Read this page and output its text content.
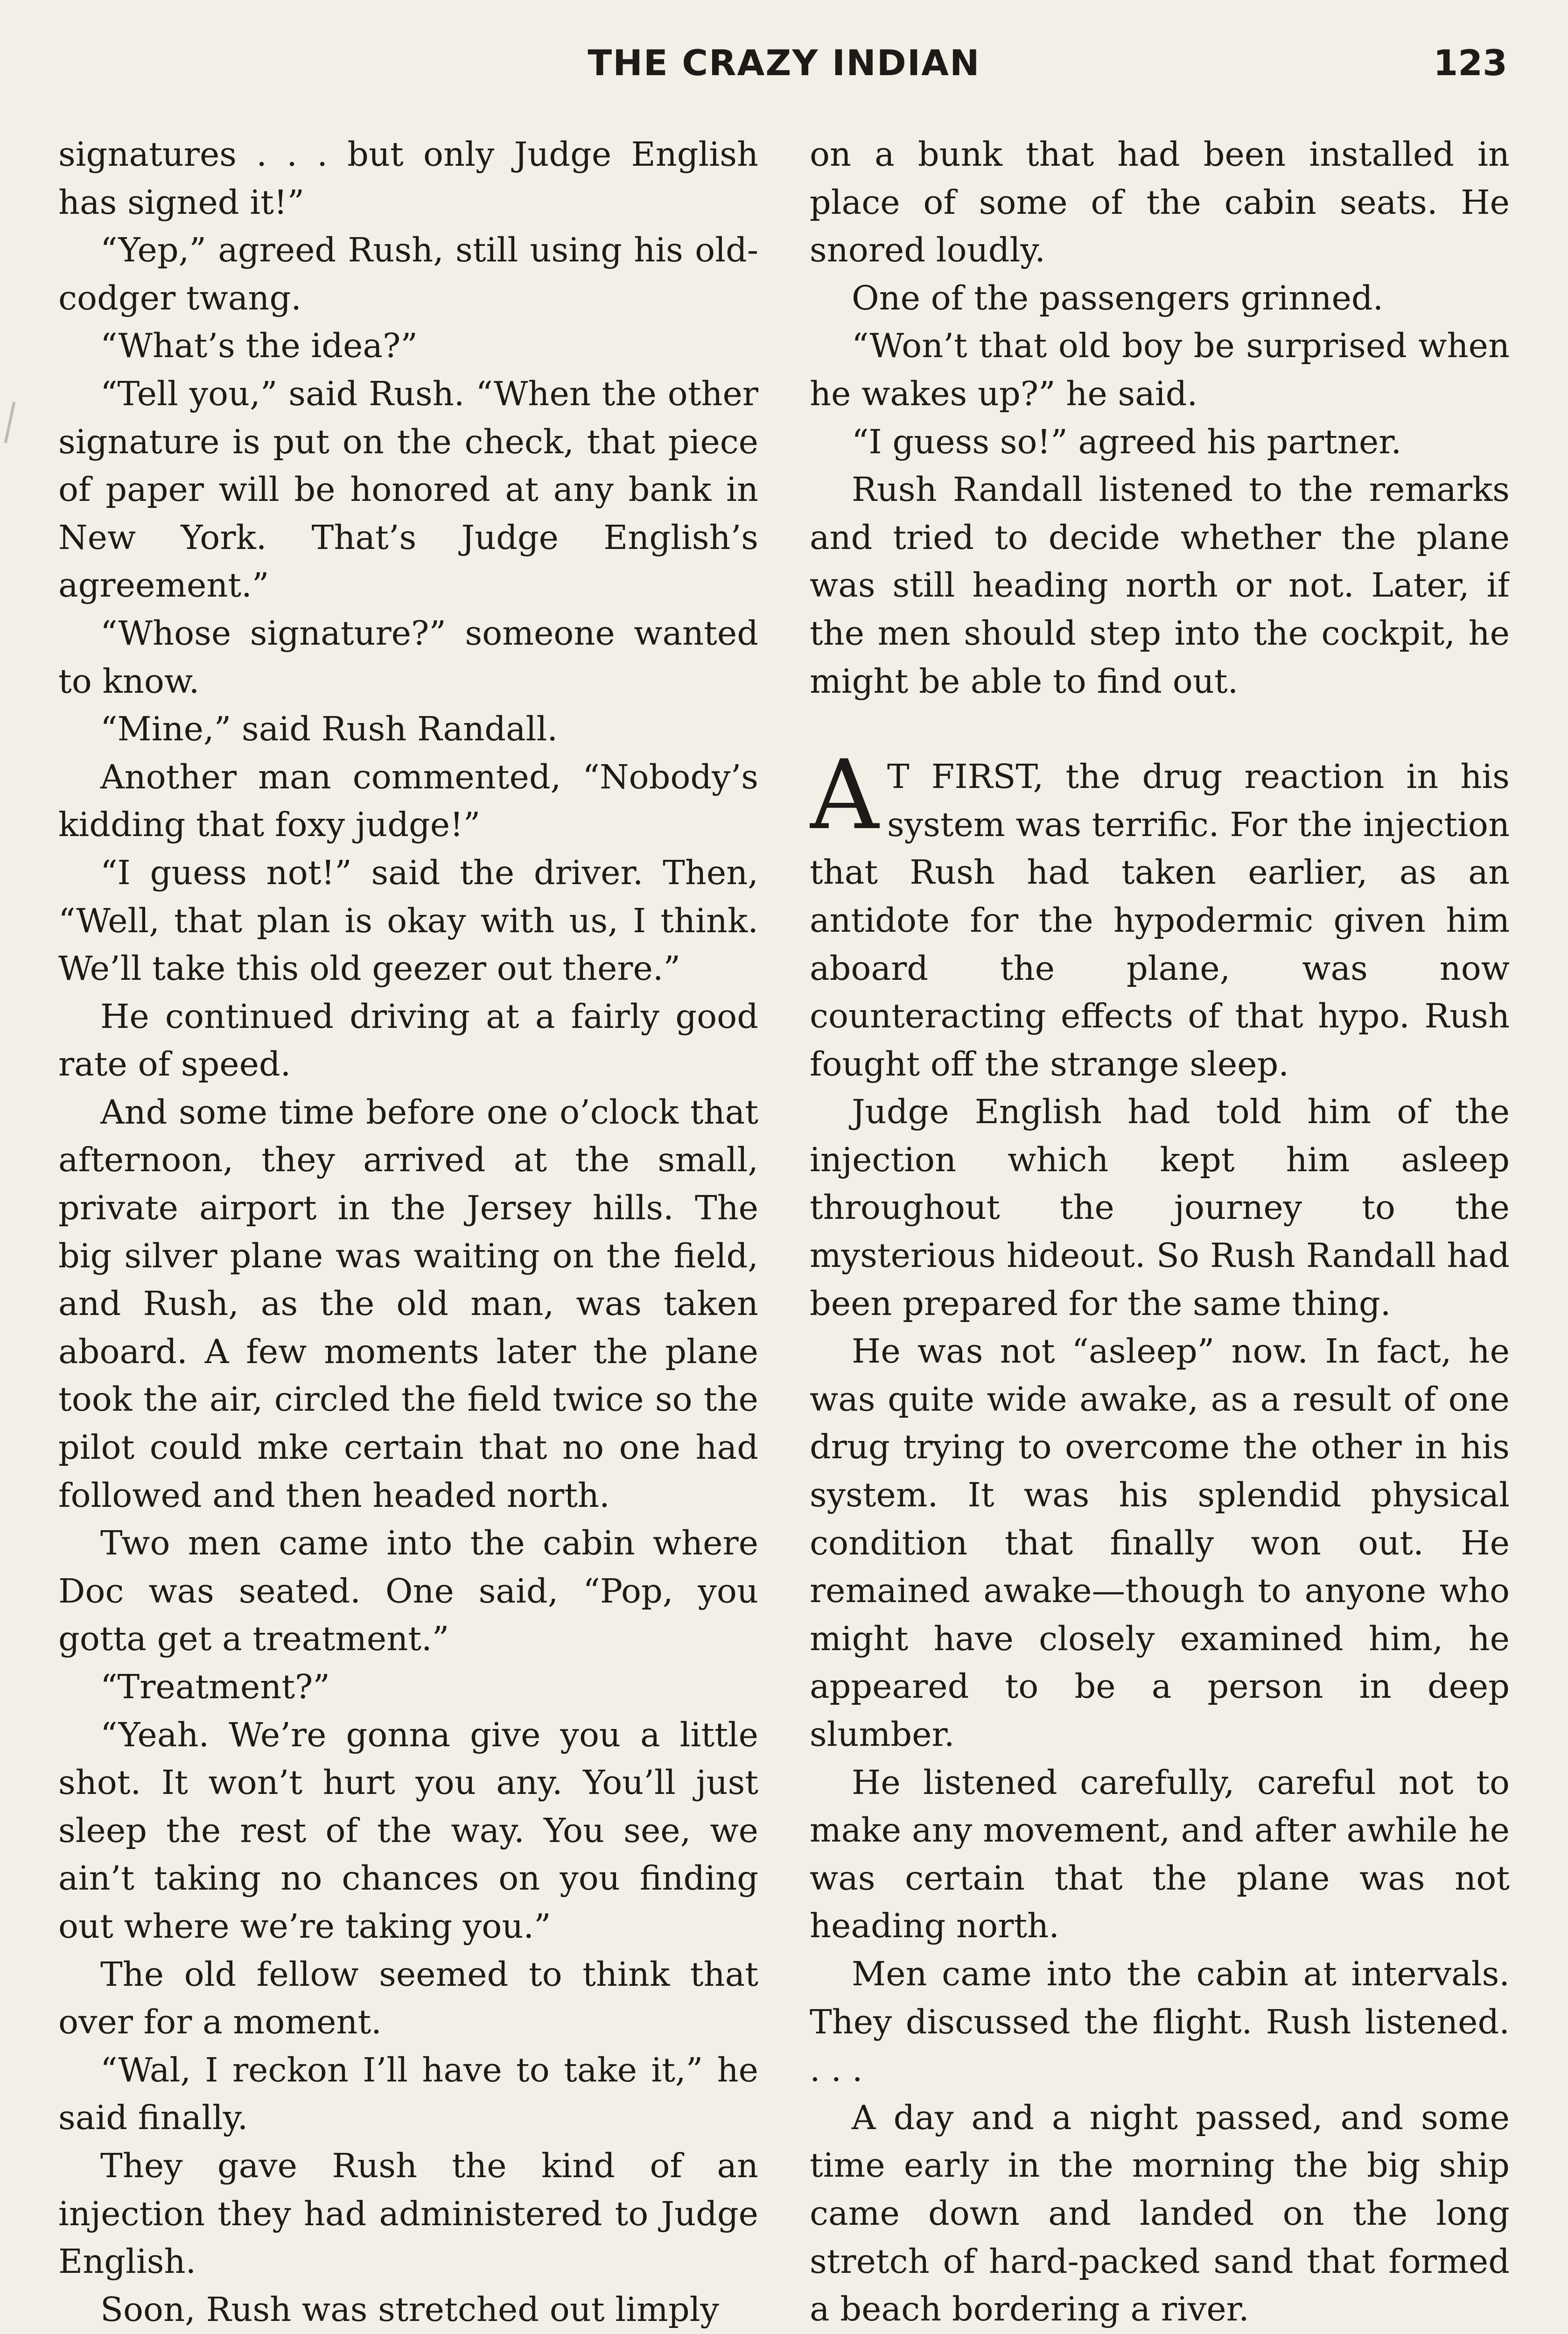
THE CRAZY INDIAN	123

signatures . . . but only Judge English has signed it!”

“Yep,” agreed Rush, still using his old-codger twang.

“What’s the idea?”

“Tell you,” said Rush. “When the other signature is put on the check, that piece of paper will be honored at any bank in New York. That’s Judge English’s agreement.”

“Whose signature?” someone wanted to know.

“Mine,” said Rush Randall.

Another man commented, “Nobody’s kidding that foxy judge!”

“I guess not!” said the driver. Then, “Well, that plan is okay with us, I think. We’ll take this old geezer out there.”

He continued driving at a fairly good rate of speed.

And some time before one o’clock that afternoon, they arrived at the small, private airport in the Jersey hills. The big silver plane was waiting on the field, and Rush, as the old man, was taken aboard. A few moments later the plane took the air, circled the field twice so the pilot could mke certain that no one had followed and then headed north.

Two men came into the cabin where Doc was seated. One said, “Pop, you gotta get a treatment.”

“Treatment?”

“Yeah. We’re gonna give you a little shot. It won’t hurt you any. You’ll just sleep the rest of the way. You see, we ain’t taking no chances on you finding out where we’re taking you.”

The old fellow seemed to think that over for a moment.

“Wal, I reckon I’ll have to take it,” he said finally.

They gave Rush the kind of an injection they had administered to Judge English.

Soon, Rush was stretched out limply

on a bunk that had been installed in place of some of the cabin seats. He snored loudly.

One of the passengers grinned.

“Won’t that old boy be surprised when he wakes up?” he said.

“I guess so!” agreed his partner.

Rush Randall listened to the remarks and tried to decide whether the plane was still heading north or not. Later, if the men should step into the cockpit, he might be able to find out.

A T FIRST, the drug reaction in his system was terrific. For the injection that Rush had taken earlier, as an antidote for the hypodermic given him aboard the plane, was now counteracting effects of that hypo. Rush fought off the strange sleep.

Judge English had told him of the injection which kept him asleep throughout the journey to the mysterious hideout. So Rush Randall had been prepared for the same thing.

He was not “asleep” now. In fact, he was quite wide awake, as a result of one drug trying to overcome the other in his system. It was his splendid physical condition that finally won out. He remained awake—though to anyone who might have closely examined him, he appeared to be a person in deep slumber.

He listened carefully, careful not to make any movement, and after awhile he was certain that the plane was not heading north.

Men came into the cabin at intervals. They discussed the flight. Rush listened. . . .

A day and a night passed, and some time early in the morning the big ship came down and landed on the long stretch of hard-packed sand that formed a beach bordering a river.
